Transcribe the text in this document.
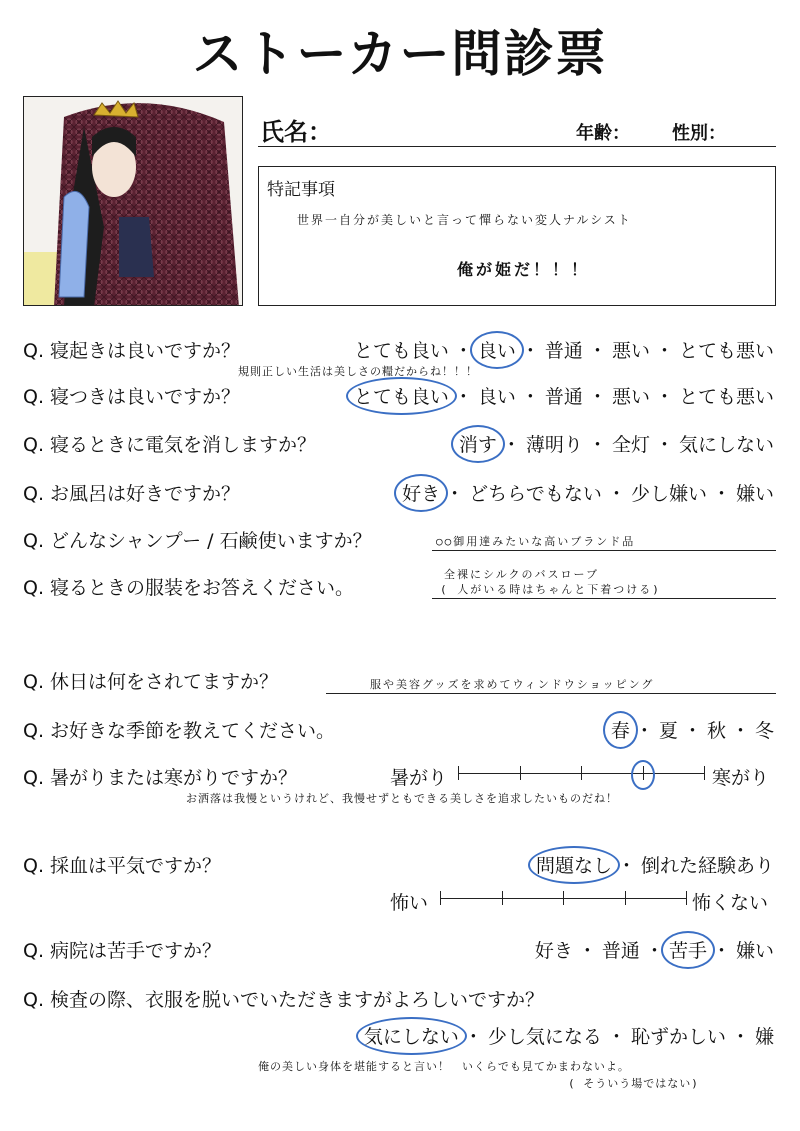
ストーカー問診票
氏名：	年齢： 性別：
特記事項
世界一自分が美しいと言って憚らない変人ナルシスト
俺が姫だ！！！
Q. 寝起きは良いですか？	とても良い ・ 良い ・ 普通 ・ 悪い ・ とても悪い
規則正しい生活は美しさの糧だからね！！！
Q. 寝つきは良いですか？	とても良い ・ 良い ・ 普通 ・ 悪い ・ とても悪い
Q. 寝るときに電気を消しますか？	消す ・ 薄明り ・ 全灯 ・ 気にしない
Q. お風呂は好きですか？	好き ・ どちらでもない ・ 少し嫌い ・ 嫌い
Q. どんなシャンプー / 石鹸使いますか？	○○御用達みたいな高いブランド品
Q. 寝るときの服装をお答えください。
全裸にシルクのバスローブ
( 人がいる時はちゃんと下着つける)
Q. 休日は何をされてますか？	服や美容グッズを求めてウィンドウショッピング
Q. お好きな季節を教えてください。	春 ・ 夏 ・ 秋 ・ 冬
Q. 暑がりまたは寒がりですか？	暑がり	寒がり
お洒落は我慢というけれど、我慢せずともできる美しさを追求したいものだね！
Q. 採血は平気ですか？	問題なし ・ 倒れた経験あり
怖い	怖くない
Q. 病院は苦手ですか？	好き ・ 普通 ・ 苦手 ・ 嫌い
Q. 検査の際、衣服を脱いでいただきますがよろしいですか？
気にしない ・ 少し気になる ・ 恥ずかしい ・ 嫌
俺の美しい身体を堪能すると言い！　いくらでも見てかまわないよ。
( そういう場ではない)
